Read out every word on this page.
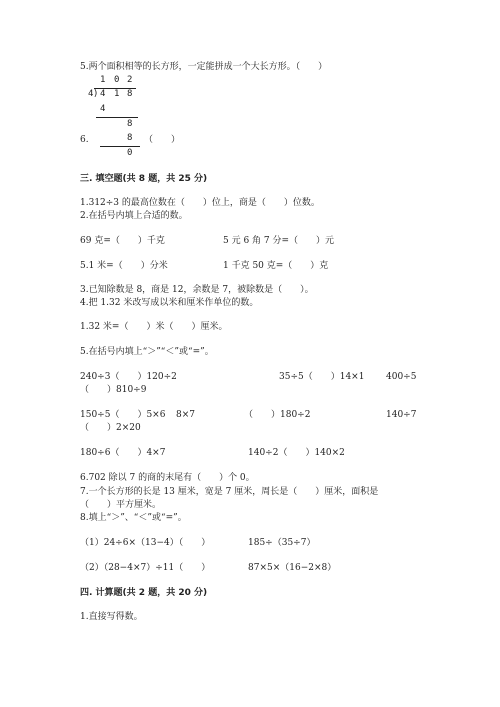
5.两个面积相等的长方形，一定能拼成一个大长方形。（　　）
1 0 2
4 ) 4 1 8
4
8
8
0
6.	（　　）
三. 填空题(共 8 题，共 25 分)
1.312÷3 的最高位数在（　　）位上，商是（　　）位数。
2.在括号内填上合适的数。
69 克=（　　）千克	5 元 6 角 7 分=（　　）元
5.1 米=（　　）分米	1 千克 50 克=（　　）克
3.已知除数是 8，商是 12，余数是 7，被除数是（　　）。
4.把 1.32 米改写成以米和厘米作单位的数。
1.32 米=（　　）米（　　）厘米。
5.在括号内填上“＞”“＜”或“=”。
240÷3（　　）120÷2	35÷5（　　）14×1 400÷5
（　　）810÷9
150÷5（　　）5×6 8×7	（　　）180÷2	140÷7
（　　）2×20
180÷6（　　）4×7	140÷2（　　）140×2
6.702 除以 7 的商的末尾有（　　）个 0。
7.一个长方形的长是 13 厘米，宽是 7 厘米，周长是（　　）厘米，面积是
（　　）平方厘米。
8.填上“＞”、“＜”或“=”。
（1）24÷6×（13−4）（　　）	185÷（35÷7）
（2）（28−4×7）÷11（　　）	87×5×（16−2×8）
四. 计算题(共 2 题，共 20 分)
1.直接写得数。
